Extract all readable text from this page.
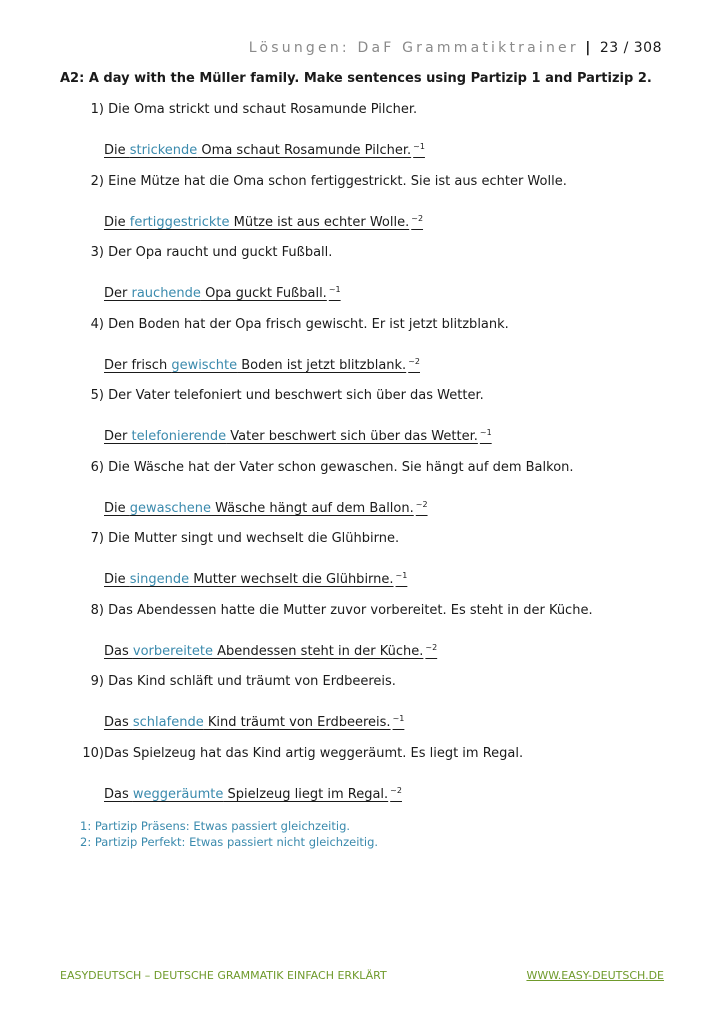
Lösungen: DaF Grammatiktrainer | 23 / 308
A2: A day with the Müller family. Make sentences using Partizip 1 and Partizip 2.
1) Die Oma strickt und schaut Rosamunde Pilcher.
Die strickende Oma schaut Rosamunde Pilcher. $^{\sim 1}$
2) Eine Mütze hat die Oma schon fertiggestrickt. Sie ist aus echter Wolle.
Die fertiggestrickte Mütze ist aus echter Wolle. $^{\sim 2}$
3) Der Opa raucht und guckt Fußball.
Der rauchende Opa guckt Fußball. $^{\sim 1}$
4) Den Boden hat der Opa frisch gewischt. Er ist jetzt blitzblank.
Der frisch gewischte Boden ist jetzt blitzblank. $^{\sim 2}$
5) Der Vater telefoniert und beschwert sich über das Wetter.
Der telefonierende Vater beschwert sich über das Wetter. $^{\sim 1}$
6) Die Wäsche hat der Vater schon gewaschen. Sie hängt auf dem Balkon.
Die gewaschene Wäsche hängt auf dem Ballon. $^{\sim 2}$
7) Die Mutter singt und wechselt die Glühbirne.
Die singende Mutter wechselt die Glühbirne. $^{\sim 1}$
8) Das Abendessen hatte die Mutter zuvor vorbereitet. Es steht in der Küche.
Das vorbereitete Abendessen steht in der Küche. $^{\sim 2}$
9) Das Kind schläft und träumt von Erdbeereis.
Das schlafende Kind träumt von Erdbeereis. $^{\sim 1}$
10)Das Spielzeug hat das Kind artig weggeräumt. Es liegt im Regal.
Das weggeräumte Spielzeug liegt im Regal. $^{\sim 2}$
1: Partizip Präsens: Etwas passiert gleichzeitig.
2: Partizip Perfekt: Etwas passiert nicht gleichzeitig.
EASYDEUTSCH – DEUTSCHE GRAMMATIK EINFACH ERKLÄRT	WWW.EASY-DEUTSCH.DE
